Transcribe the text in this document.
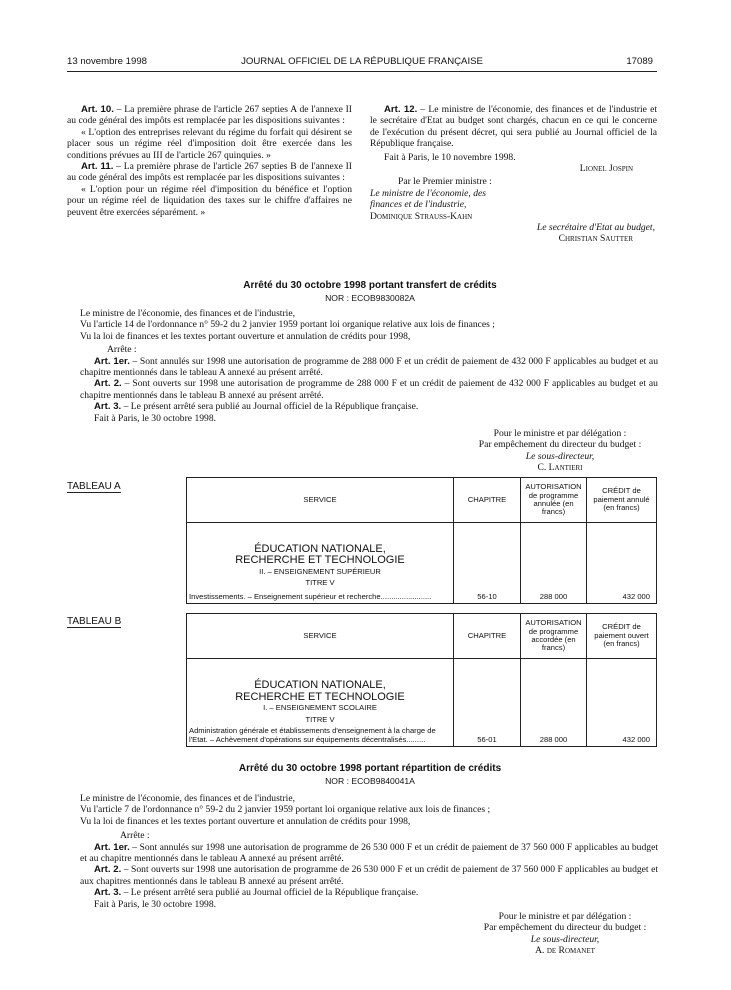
13 novembre 1998	JOURNAL OFFICIEL DE LA RÉPUBLIQUE FRANÇAISE	17089

Art. 10. – La première phrase de l'article 267 septies A de l'annexe II au code général des impôts est remplacée par les dispositions suivantes :

« L'option des entreprises relevant du régime du forfait qui désirent se placer sous un régime réel d'imposition doit être exercée dans les conditions prévues au III de l'article 267 quinquies. »

Art. 11. – La première phrase de l'article 267 septies B de l'annexe II au code général des impôts est remplacée par les dispositions suivantes :

« L'option pour un régime réel d'imposition du bénéfice et l'option pour un régime réel de liquidation des taxes sur le chiffre d'affaires ne peuvent être exercées séparément. »

Art. 12. – Le ministre de l'économie, des finances et de l'industrie et le secrétaire d'Etat au budget sont chargés, chacun en ce qui le concerne de l'exécution du présent décret, qui sera publié au Journal officiel de la République française.

Fait à Paris, le 10 novembre 1998.

Lionel Jospin

Par le Premier ministre :

Le ministre de l'économie, des finances et de l'industrie,

Dominique Strauss-Kahn

Le secrétaire d'Etat au budget,

Christian Sautter

Arrêté du 30 octobre 1998 portant transfert de crédits
NOR : ECOB9830082A

Le ministre de l'économie, des finances et de l'industrie,

Vu l'article 14 de l'ordonnance n° 59-2 du 2 janvier 1959 portant loi organique relative aux lois de finances ;

Vu la loi de finances et les textes portant ouverture et annulation de crédits pour 1998,

Arrête :

Art. 1er. – Sont annulés sur 1998 une autorisation de programme de 288 000 F et un crédit de paiement de 432 000 F applicables au budget et au chapitre mentionnés dans le tableau A annexé au présent arrêté.

Art. 2. – Sont ouverts sur 1998 une autorisation de programme de 288 000 F et un crédit de paiement de 432 000 F applicables au budget et au chapitre mentionnés dans le tableau B annexé au présent arrêté.

Art. 3. – Le présent arrêté sera publié au Journal officiel de la République française.

Fait à Paris, le 30 octobre 1998.

Pour le ministre et par délégation :

Par empêchement du directeur du budget :

Le sous-directeur,

C. Lantieri

TABLEAU A
SERVICE	CHAPITRE	AUTORISATION de programme annulée (en francs)	CRÉDIT de paiement annulé (en francs)

ÉDUCATION NATIONALE,
RECHERCHE ET TECHNOLOGIE
II. – ENSEIGNEMENT SUPÉRIEUR
TITRE V
Investissements. – Enseignement supérieur et recherche........................	56-10	288 000	432 000
TABLEAU B
SERVICE	CHAPITRE	AUTORISATION de programme accordée (en francs)	CRÉDIT de paiement ouvert (en francs)

ÉDUCATION NATIONALE,
RECHERCHE ET TECHNOLOGIE
I. – ENSEIGNEMENT SCOLAIRE
TITRE V
Administration générale et établissements d'enseignement à la charge de l'Etat. – Achèvement d'opérations sur équipements décentralisés.........	56-01	288 000	432 000
Arrêté du 30 octobre 1998 portant répartition de crédits
NOR : ECOB9840041A

Le ministre de l'économie, des finances et de l'industrie,

Vu l'article 7 de l'ordonnance n° 59-2 du 2 janvier 1959 portant loi organique relative aux lois de finances ;

Vu la loi de finances et les textes portant ouverture et annulation de crédits pour 1998,

Arrête :

Art. 1er. – Sont annulés sur 1998 une autorisation de programme de 26 530 000 F et un crédit de paiement de 37 560 000 F applicables au budget et au chapitre mentionnés dans le tableau A annexé au présent arrêté.

Art. 2. – Sont ouverts sur 1998 une autorisation de programme de 26 530 000 F et un crédit de paiement de 37 560 000 F applicables au budget et aux chapitres mentionnés dans le tableau B annexé au présent arrêté.

Art. 3. – Le présent arrêté sera publié au Journal officiel de la République française.

Fait à Paris, le 30 octobre 1998.

Pour le ministre et par délégation :

Par empêchement du directeur du budget :

Le sous-directeur,

A. de Romanet
